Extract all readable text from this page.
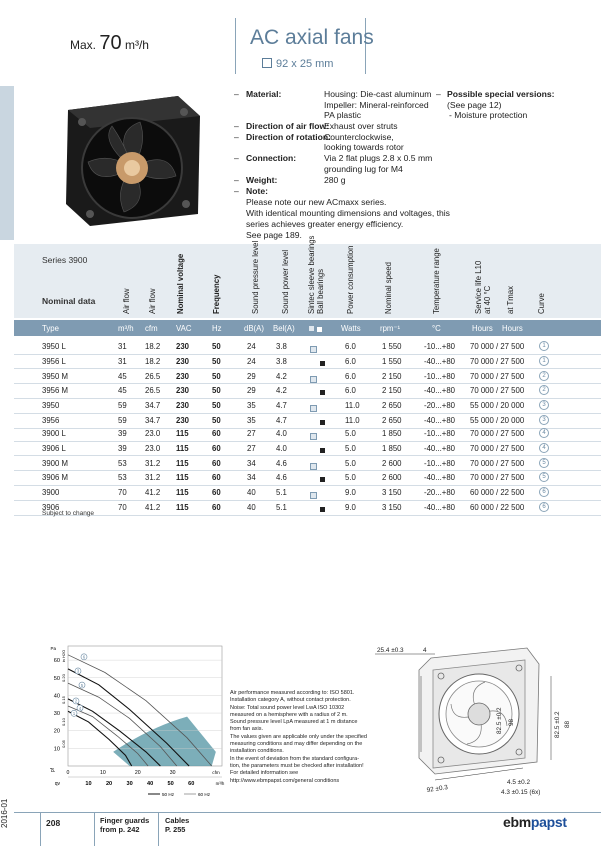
Max. 70 m³/h	AC axial fans
92 x 25 mm
– Material:	Housing: Die-cast aluminum
Impeller: Mineral-reinforced
PA plastic
– Direction of air flow:
Exhaust over struts
– Direction of rotation:
Counterclockwise,
looking towards rotor
– Connection:	Via 2 flat plugs 2.8 x 0.5 mm
grounding lug for M4
– Weight:	280 g
– Note:
Please note our new ACmaxx series.
With identical mounting dimensions and voltages, this
series achieves greater energy efficiency.
See page 189.
– Possible special versions:
(See page 12)
- Moisture protection
Series 3900
Nominal data	Air flow Air flow Nominal voltage	Frequency	Sound pressure level	Sound power level Sintec sleeve bearings Ball bearings	Power consumption	Nominal speed	Temperature range	Service life L10 at 40 °C at Tmax	Curve
Type	m³/h cfm VAC	Hz	dB(A) Bel(A)
	Watts rpm⁻¹	°C	Hours Hours
3950 L	31 18.2 230	50	24	3.8	6.0	1 550	-10...+80 70 000 / 27 500	1
3956 L	31 18.2 230	50	24	3.8	6.0	1 550	-40...+80 70 000 / 27 500	1
3950 M	45 26.5 230	50	29	4.2	6.0	2 150	-10...+80 70 000 / 27 500	2
3956 M	45 26.5 230	50	29	4.2	6.0	2 150	-40...+80 70 000 / 27 500	2
3950	59 34.7 230	50	35	4.7	11.0	2 650	-20...+80 55 000 / 20 000	3
3956	59 34.7 230	50	35	4.7	11.0	2 650	-40...+80 55 000 / 20 000	3
3900 L	39 23.0 115	60	27	4.0	5.0	1 850	-10...+80 70 000 / 27 500	4
3906 L	39 23.0 115	60	27	4.0	5.0	1 850	-40...+80 70 000 / 27 500	4
3900 M	53 31.2 115	60	34	4.6	5.0	2 600	-10...+80 70 000 / 27 500	5
3906 M	53 31.2 115	60	34	4.6	5.0	2 600	-40...+80 70 000 / 27 500	5
3900	70 41.2 115	60	40	5.1	9.0	3 150	-20...+80 60 000 / 22 500	6
3906	70 41.2 115	60	40	5.1	9.0	3 150	-40...+80 60 000 / 22 500	6
Subject to change
1
2
3
4
5
6
10
20
30
40
50
60
Pa
pf
0.05
0.10
0.15
0.20
in H2O
0	10	20	30	cfm
10	20	30	40	50	60	m³/h
qv
50 Hz	60 Hz
Air performance measured according to: ISO 5801.
Installation category A, without contact protection.
Noise: Total sound power level LwA ISO 10302
measured on a hemisphere with a radius of 2 m.
Sound pressure level LpA measured at 1 m distance
from fan axis.
The values given are applicable only under the specified
measuring conditions and may differ depending on the
installation conditions.
In the event of deviation from the standard configura-
tion, the parameters must be checked after installation!
For detailed information see
http://www.ebmpapst.com/general conditions
25.4 ±0.3	4
82.5 ±0.2 98	82.5 ±0.2 88
92 ±0.3
4.5 ±0.2
4.3 ±0.15 (6x)
2016-01	208	Finger guards
from p. 242
Cables
P. 255	ebmpapst
